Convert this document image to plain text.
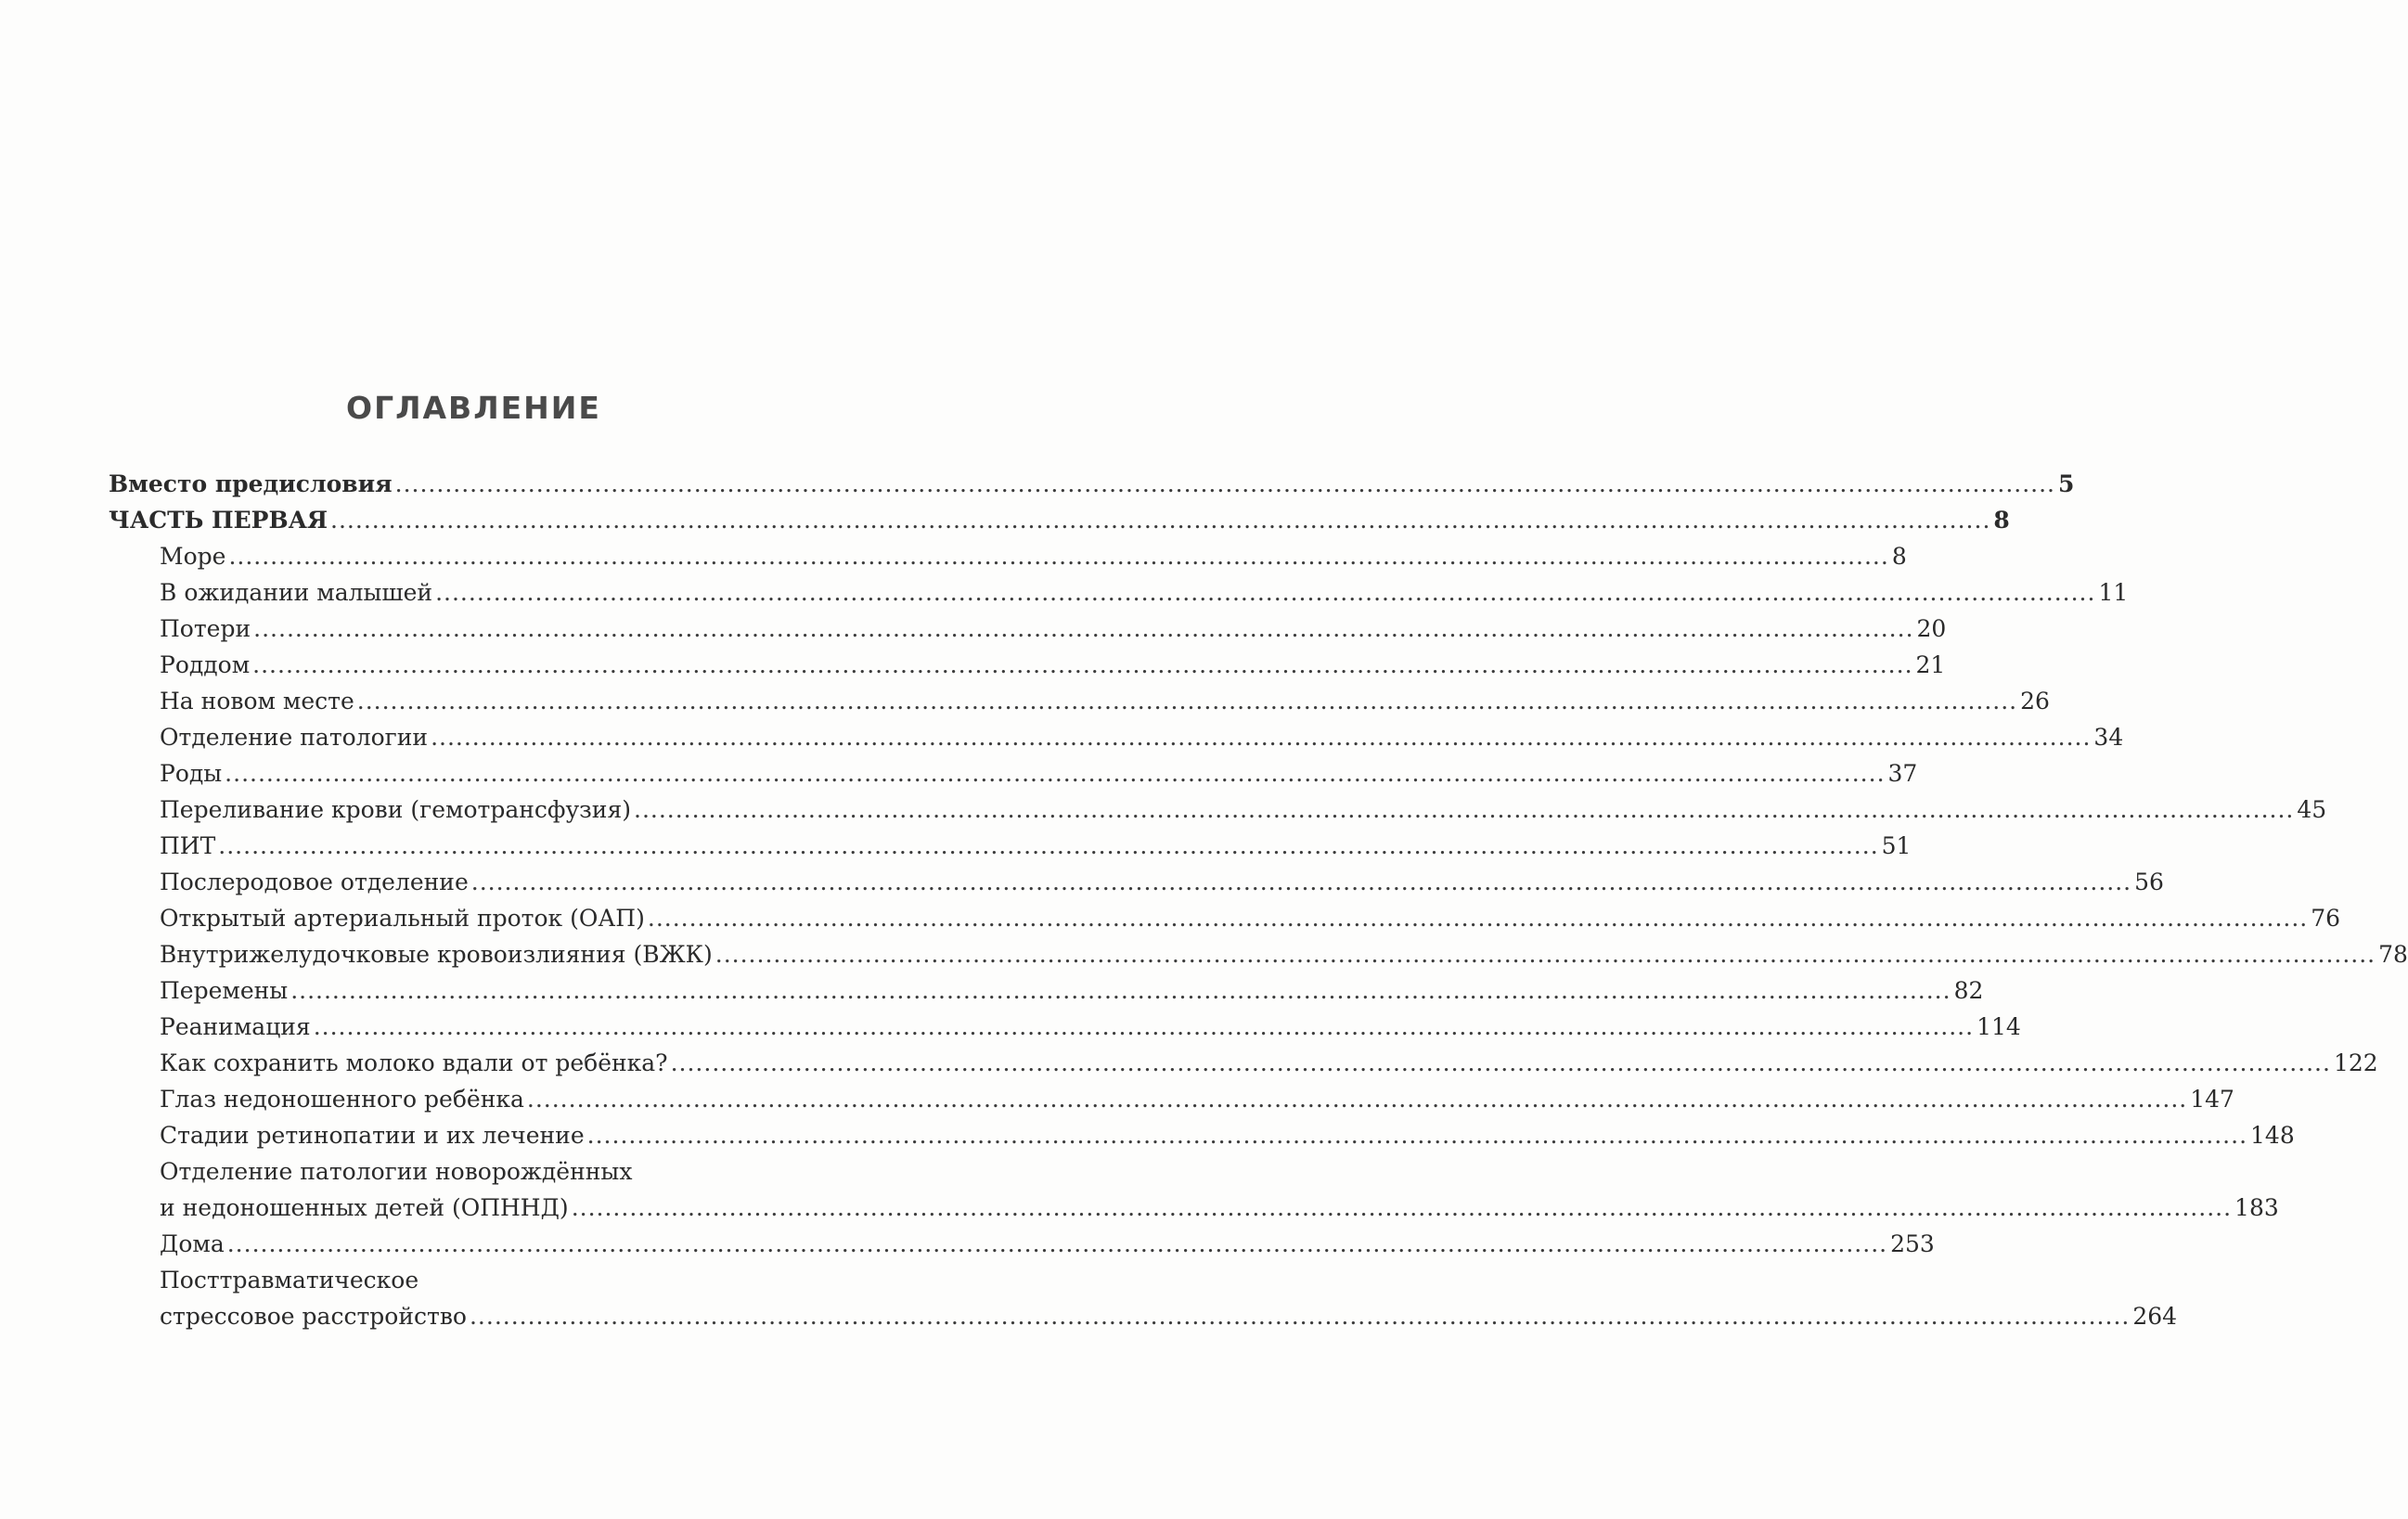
ОГЛАВЛЕНИЕ
Вместо предисловия .....	5
ЧАСТЬ ПЕРВАЯ .....	8
Море .....	8
В ожидании малышей .....	11
Потери .....	20
Роддом .....	21
На новом месте .....	26
Отделение патологии .....	34
Роды .....	37
Переливание крови (гемотрансфузия) .....	45
ПИТ .....	51
Послеродовое отделение .....	56
Открытый артериальный проток (ОАП) .....	76
Внутрижелудочковые кровоизлияния (ВЖК) .....	78
Перемены .....	82
Реанимация .....	114
Как сохранить молоко вдали от ребёнка? .....	122
Глаз недоношенного ребёнка .....	147
Стадии ретинопатии и их лечение .....	148
Отделение патологии новорождённых
и недоношенных детей (ОПННД) .....	183
Дома .....	253
Посттравматическое
стрессовое расстройство .....	264
